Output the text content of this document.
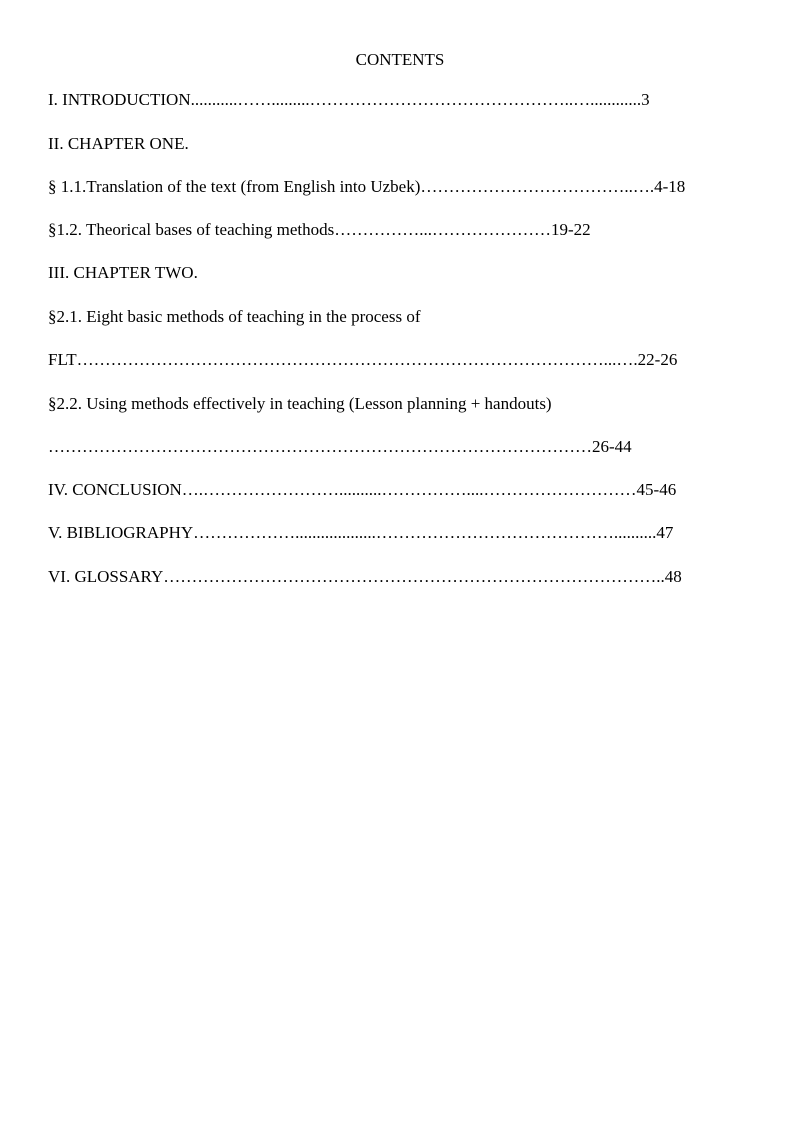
CONTENTS
I. INTRODUCTION...........…….........………………………………………..…............3
II. CHAPTER ONE.
§ 1.1.Translation of the text (from English into Uzbek)………………………………..….4-18
§1.2. Theorical bases of teaching methods……………...…………………19-22
III. CHAPTER TWO.
§2.1. Eight basic methods of teaching in the process of
FLT…………………………………………………………………………………...….22-26
§2.2. Using methods effectively in teaching (Lesson planning + handouts)
……………………………………………………………………………………26-44
IV. CONCLUSION….……………………..........……………....………………………45-46
V. BIBLIOGRAPHY………………...................……………………………………..........47
VI. GLOSSARY……………………………………………………………………………..48
